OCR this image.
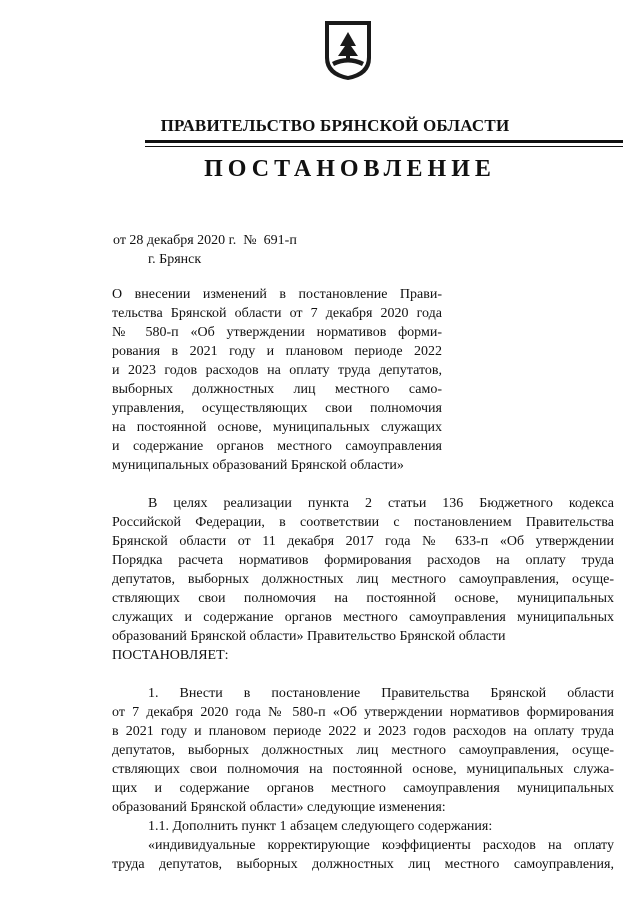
ПРАВИТЕЛЬСТВО БРЯНСКОЙ ОБЛАСТИ
ПОСТАНОВЛЕНИЕ
от 28 декабря 2020 г.  №  691-п
г. Брянск
О внесении изменений в постановление Прави-
тельства Брянской области от 7 декабря 2020 года
№ 580-п «Об утверждении нормативов форми-
рования в 2021 году и плановом периоде 2022
и 2023 годов расходов на оплату труда депутатов,
выборных должностных лиц местного само-
управления, осуществляющих свои полномочия
на постоянной основе, муниципальных служащих
и содержание органов местного самоуправления
муниципальных образований Брянской области»
В целях реализации пункта 2 статьи 136 Бюджетного кодекса
Российской Федерации, в соответствии с постановлением Правительства
Брянской области от 11 декабря 2017 года № 633-п «Об утверждении
Порядка расчета нормативов формирования расходов на оплату труда
депутатов, выборных должностных лиц местного самоуправления, осуще-
ствляющих свои полномочия на постоянной основе, муниципальных
служащих и содержание органов местного самоуправления муниципальных
образований Брянской области» Правительство Брянской области
ПОСТАНОВЛЯЕТ:
1. Внести в постановление Правительства Брянской области
от 7 декабря 2020 года № 580-п «Об утверждении нормативов формирования
в 2021 году и плановом периоде 2022 и 2023 годов расходов на оплату труда
депутатов, выборных должностных лиц местного самоуправления, осуще-
ствляющих свои полномочия на постоянной основе, муниципальных служа-
щих и содержание органов местного самоуправления муниципальных
образований Брянской области» следующие изменения:
1.1. Дополнить пункт 1 абзацем следующего содержания:
«индивидуальные корректирующие коэффициенты расходов на оплату
труда депутатов, выборных должностных лиц местного самоуправления,
